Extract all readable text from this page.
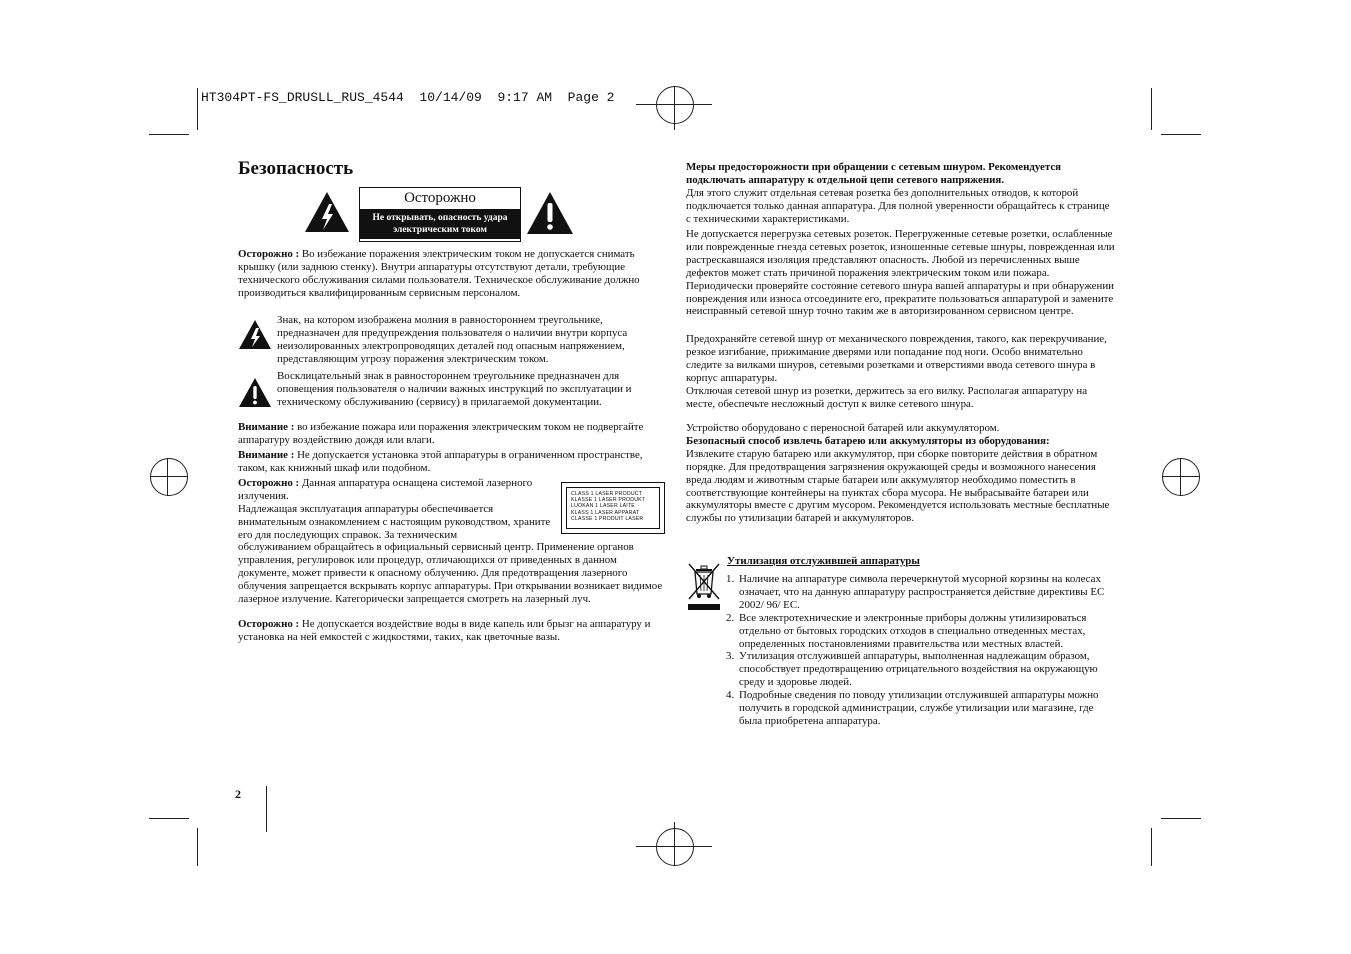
HT304PT-FS_DRUSLL_RUS_4544  10/14/09  9:17 AM  Page 2
Безопасность
Осторожно
Не открывать, опасность удара
электрическим током
Осторожно : Во избежание поражения электрическим током не допускается снимать крышку (или заднюю стенку). Внутри аппаратуры отсутствуют детали, требующие технического обслуживания силами пользователя. Техническое обслуживание должно производиться квалифицированным сервисным персоналом.
Знак, на котором изображена молния в равностороннем треугольнике, предназначен для предупреждения пользователя о наличии внутри корпуса неизолированных электропроводящих деталей под опасным напряжением, представляющим угрозу поражения электрическим током.
Восклицательный знак в равностороннем треугольнике предназначен для оповещения пользователя о наличии важных инструкций по эксплуатации и техническому обслуживанию (сервису) в прилагаемой документации.
Внимание : во избежание пожара или поражения электрическим током не подвергайте аппаратуру воздействию дождя или влаги.
Внимание : Не допускается установка этой аппаратуры в ограниченном пространстве, таком, как книжный шкаф или подобном.
Осторожно : Данная аппаратура оснащена системой лазерного излучения.
Надлежащая эксплуатация аппаратуры обеспечивается внимательным ознакомлением с настоящим руководством, храните его для последующих справок. За техническим
обслуживанием обращайтесь в официальный сервисный центр. Применение органов управления, регулировок или процедур, отличающихся от приведенных в данном документе, может привести к опасному облучению. Для предотвращения лазерного облучения запрещается вскрывать корпус аппаратуры. При открывании возникает видимое лазерное излучение. Категорически запрещается смотреть на лазерный луч.
CLASS 1 LASER PRODUCT
KLASSE 1 LASER PRODUKT
LUOKAN 1 LASER LAITE
KLASS 1 LASER APPARAT
CLASSE 1 PRODUIT LASER
Осторожно : Не допускается воздействие воды в виде капель или брызг на аппаратуру и установка на ней емкостей с жидкостями, таких, как цветочные вазы.
Меры предосторожности при обращении с сетевым шнуром. Рекомендуется подключать аппаратуру к отдельной цепи сетевого напряжения.
Для этого служит отдельная сетевая розетка без дополнительных отводов, к которой подключается только данная аппаратура. Для полной уверенности обращайтесь к странице с техническими характеристиками.
Не допускается перегрузка сетевых розеток. Перегруженные сетевые розетки, ослабленные или поврежденные гнезда сетевых розеток, изношенные сетевые шнуры, поврежденная или растрескавшаяся изоляция представляют опасность. Любой из перечисленных выше дефектов может стать причиной поражения электрическим током или пожара. Периодически проверяйте состояние сетевого шнура вашей аппаратуры и при обнаружении повреждения или износа отсоедините его, прекратите пользоваться аппаратурой и замените неисправный сетевой шнур точно таким же в авторизированном сервисном центре.
Предохраняйте сетевой шнур от механического повреждения, такого, как перекручивание, резкое изгибание, прижимание дверями или попадание под ноги. Особо внимательно следите за вилками шнуров, сетевыми розетками и отверстиями ввода сетевого шнура в корпус аппаратуры.
Отключая сетевой шнур из розетки, держитесь за его вилку. Располагая аппаратуру на месте, обеспечьте несложный доступ к вилке сетевого шнура.
Устройство оборудовано с переносной батарей или аккумулятором.
Безопасный способ извлечь батарею или аккумуляторы из оборудования:
Извлеките старую батарею или аккумулятор, при сборке повторите действия в обратном порядке. Для предотвращения загрязнения окружающей среды и возможного нанесения вреда людям и животным старые батареи или аккумулятор необходимо поместить в соответствующие контейнеры на пунктах сбора мусора. Не выбрасывайте батареи или аккумуляторы вместе с другим мусором. Рекомендуется использовать местные бесплатные службы по утилизации батарей и аккумуляторов.
Утилизация отслужившей аппаратуры
1. Наличие на аппаратуре символа перечеркнутой мусорной корзины на колесах означает, что на данную аппаратуру распространяется действие директивы ЕС 2002/ 96/ ЕС.
2. Все электротехнические и электронные приборы должны утилизироваться отдельно от бытовых городских отходов в специально отведенных местах, определенных постановлениями правительства или местных властей.
3. Утилизация отслужившей аппаратуры, выполненная надлежащим образом, способствует предотвращению отрицательного воздействия на окружающую среду и здоровье людей.
4. Подробные сведения по поводу утилизации отслужившей аппаратуры можно получить в городской администрации, службе утилизации или магазине, где была приобретена аппаратура.
2
